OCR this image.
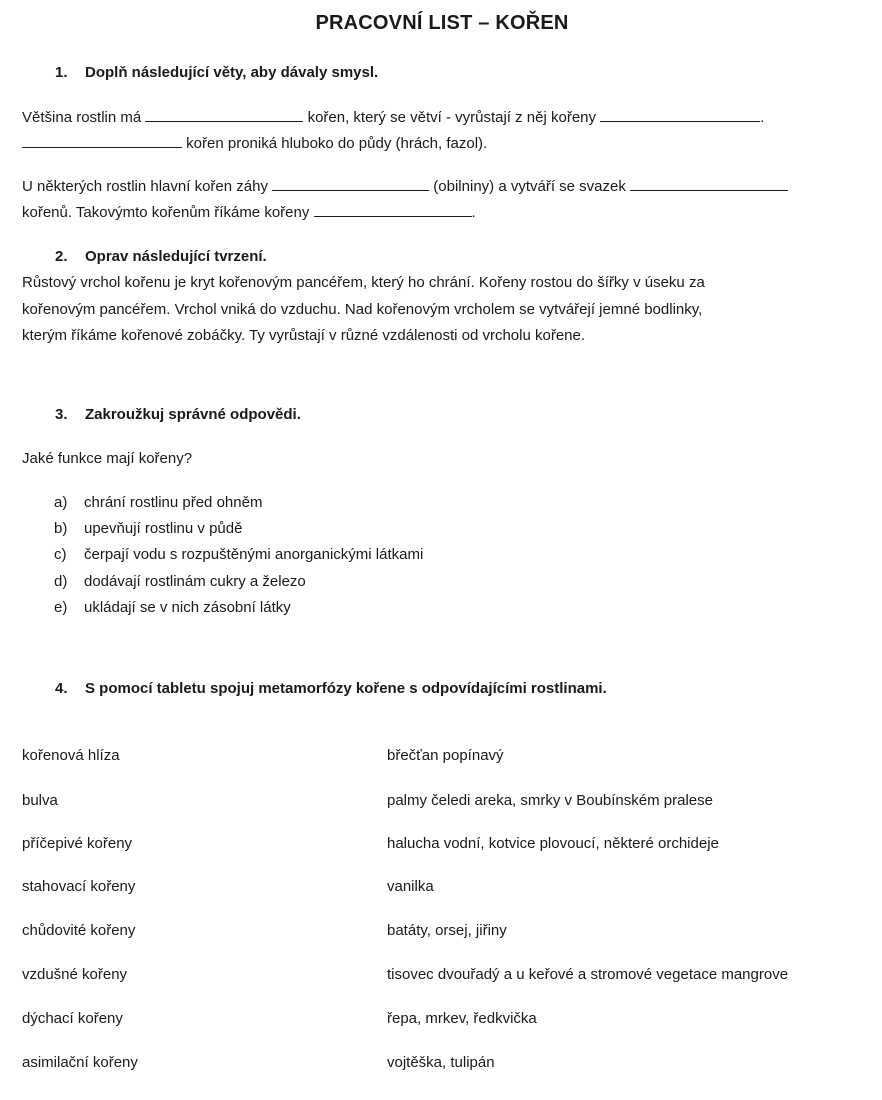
PRACOVNÍ LIST – KOŘEN
1. Doplň následující věty, aby dávaly smysl.
Většina rostlin má	kořen, který se větví - vyrůstají z něj kořeny	.
kořen proniká hluboko do půdy (hrách, fazol).
U některých rostlin hlavní kořen záhy	(obilniny) a vytváří se svazek
kořenů. Takovýmto kořenům říkáme kořeny	.
2. Oprav následující tvrzení.
Růstový vrchol kořenu je kryt kořenovým pancéřem, který ho chrání. Kořeny rostou do šířky v úseku za
kořenovým pancéřem. Vrchol vniká do vzduchu. Nad kořenovým vrcholem se vytvářejí jemné bodlinky,
kterým říkáme kořenové zobáčky. Ty vyrůstají v různé vzdálenosti od vrcholu kořene.
3. Zakroužkuj správné odpovědi.
Jaké funkce mají kořeny?
a) chrání rostlinu před ohněm
b) upevňují rostlinu v půdě
c) čerpají vodu s rozpuštěnými anorganickými látkami
d) dodávají rostlinám cukry a železo
e) ukládají se v nich zásobní látky
4. S pomocí tabletu spojuj metamorfózy kořene s odpovídajícími rostlinami.
kořenová hlíza	břečťan popínavý
bulva	palmy čeledi areka, smrky v Boubínském pralese
příčepivé kořeny	halucha vodní, kotvice plovoucí, některé orchideje
stahovací kořeny	vanilka
chůdovité kořeny	batáty, orsej, jiřiny
vzdušné kořeny	tisovec dvouřadý a u keřové a stromové vegetace mangrove
dýchací kořeny	řepa, mrkev, ředkvička
asimilační kořeny	vojtěška, tulipán
